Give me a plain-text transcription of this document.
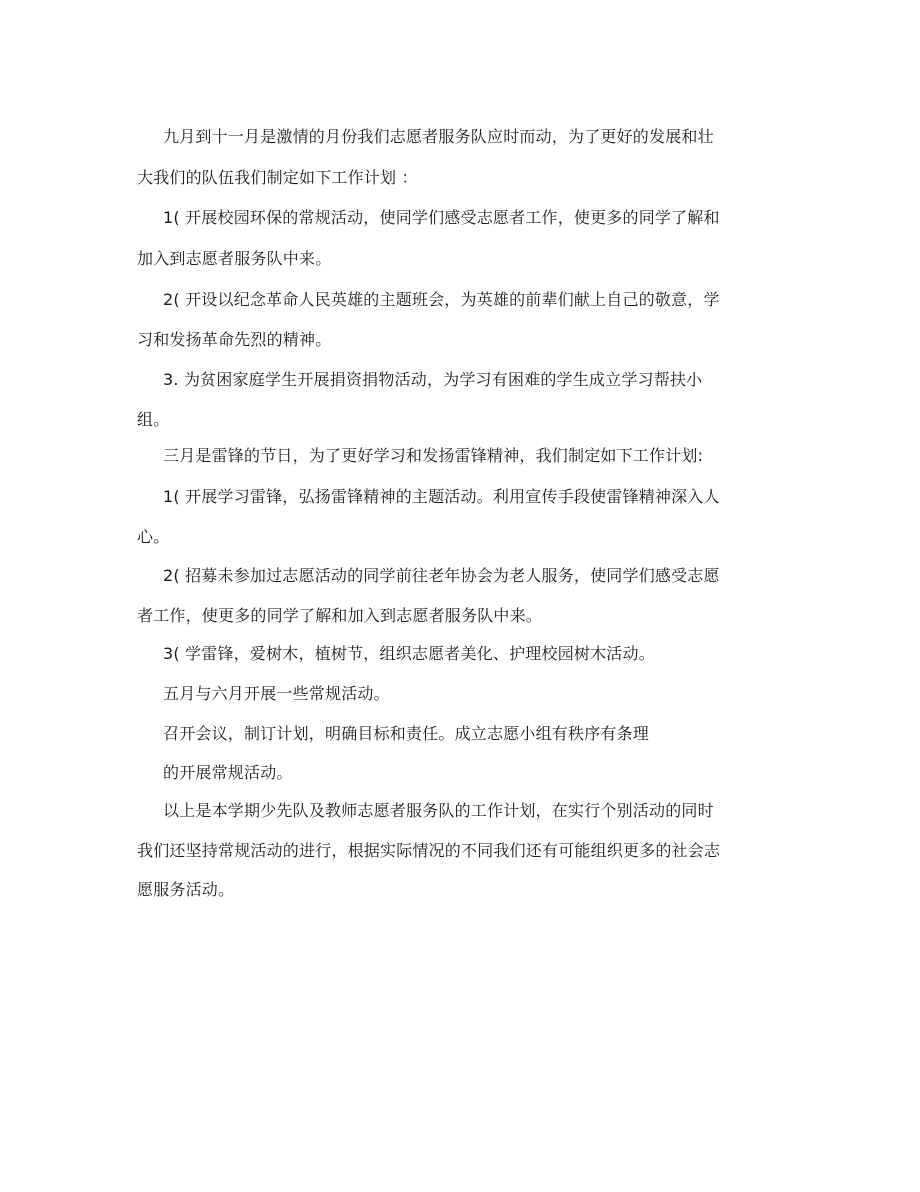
九月到十一月是激情的月份我们志愿者服务队应时而动，为了更好的发展和壮
大我们的队伍我们制定如下工作计划 ：
1( 开展校园环保的常规活动，使同学们感受志愿者工作，使更多的同学了解和
加入到志愿者服务队中来。
2( 开设以纪念革命人民英雄的主题班会，为英雄的前辈们献上自己的敬意，学
习和发扬革命先烈的精神。
3. 为贫困家庭学生开展捐资捐物活动，为学习有困难的学生成立学习帮扶小
组。
三月是雷锋的节日，为了更好学习和发扬雷锋精神，我们制定如下工作计划:
1( 开展学习雷锋，弘扬雷锋精神的主题活动。利用宣传手段使雷锋精神深入人
心。
2( 招募未参加过志愿活动的同学前往老年协会为老人服务，使同学们感受志愿
者工作，使更多的同学了解和加入到志愿者服务队中来。
3( 学雷锋，爱树木，植树节，组织志愿者美化、护理校园树木活动。
五月与六月开展一些常规活动。
召开会议，制订计划，明确目标和责任。成立志愿小组有秩序有条理
的开展常规活动。
以上是本学期少先队及教师志愿者服务队的工作计划，在实行个别活动的同时
我们还坚持常规活动的进行，根据实际情况的不同我们还有可能组织更多的社会志
愿服务活动。
